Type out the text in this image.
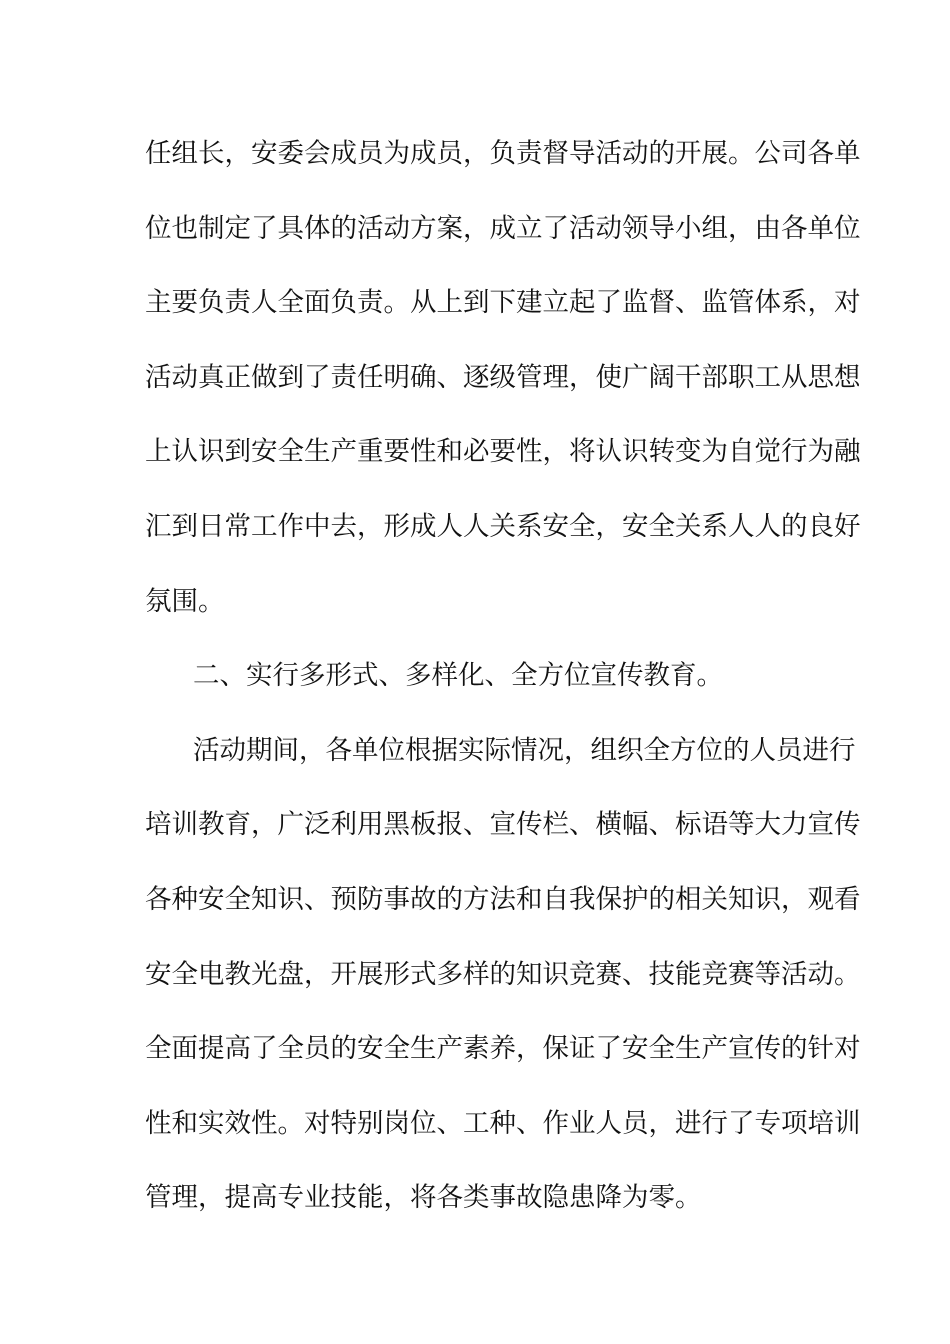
任组长，安委会成员为成员，负责督导活动的开展。公司各单

位也制定了具体的活动方案，成立了活动领导小组，由各单位

主要负责人全面负责。从上到下建立起了监督、监管体系，对

活动真正做到了责任明确、逐级管理，使广阔干部职工从思想

上认识到安全生产重要性和必要性，将认识转变为自觉行为融

汇到日常工作中去，形成人人关系安全，安全关系人人的良好

氛围。

二、实行多形式、多样化、全方位宣传教育。

活动期间，各单位根据实际情况，组织全方位的人员进行

培训教育，广泛利用黑板报、宣传栏、横幅、标语等大力宣传

各种安全知识、预防事故的方法和自我保护的相关知识，观看

安全电教光盘，开展形式多样的知识竞赛、技能竞赛等活动。

全面提高了全员的安全生产素养，保证了安全生产宣传的针对

性和实效性。对特别岗位、工种、作业人员，进行了专项培训

管理，提高专业技能，将各类事故隐患降为零。
